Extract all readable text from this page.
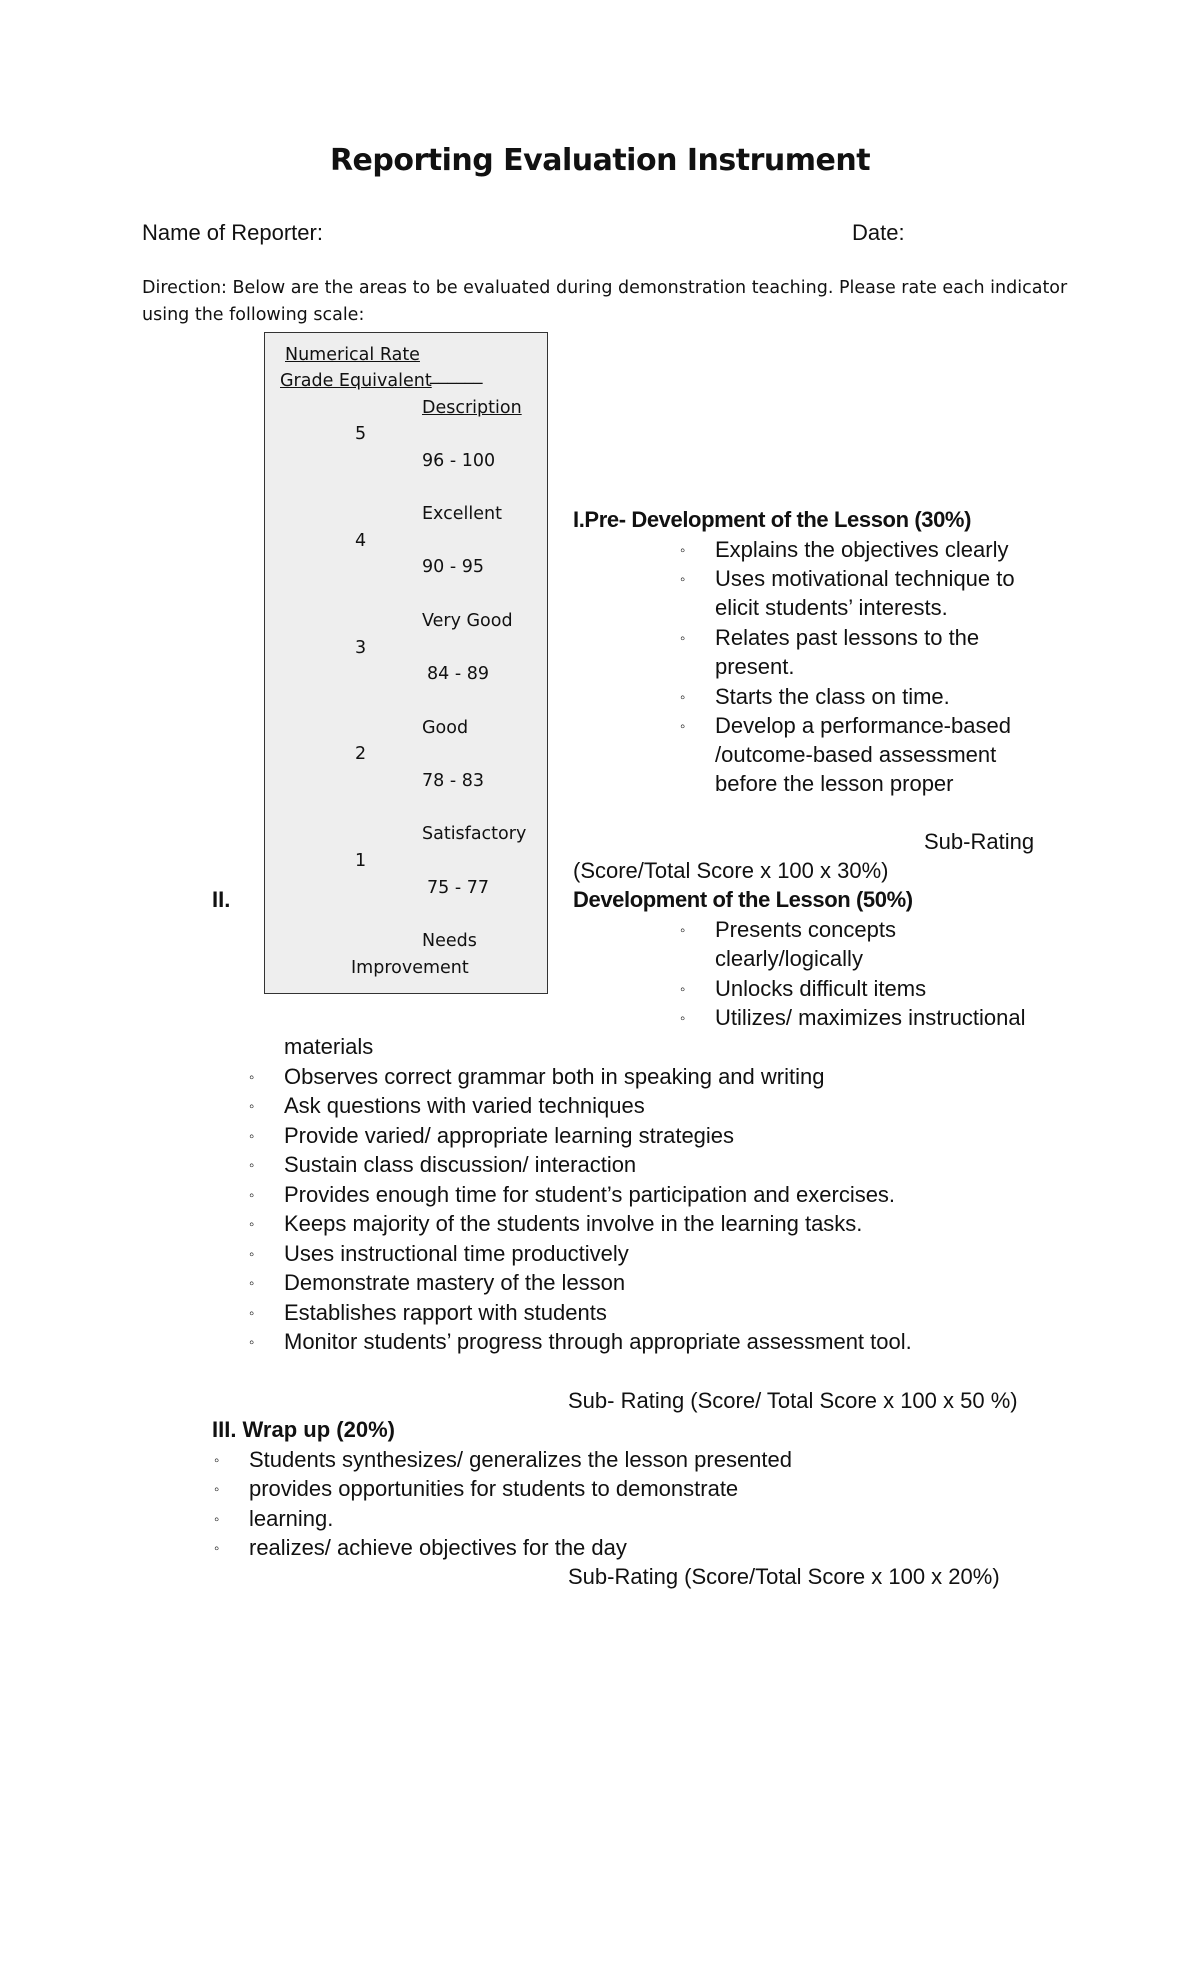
Reporting Evaluation Instrument
Name of Reporter:	Date:
Direction: Below are the areas to be evaluated during demonstration teaching. Please rate each indicator
using the following scale:
Numerical Rate
Grade Equivalent
______
Description
5
96 - 100
Excellent
4
90 - 95
Very Good
3
84 - 89
Good
2
78 - 83
Satisfactory
1
75 - 77
Needs
Improvement
I.Pre- Development of the Lesson (30%)
◦ Explains the objectives clearly
◦ Uses motivational technique to
elicit students’ interests.
◦ Relates past lessons to the
present.
◦ Starts the class on time.
◦ Develop a performance-based
/outcome-based assessment
before the lesson proper
Sub-Rating
(Score/Total Score x 100 x 30%)
II.	Development of the Lesson (50%)
◦ Presents concepts
clearly/logically
◦ Unlocks difficult items
◦ Utilizes/ maximizes instructional
materials
◦ Observes correct grammar both in speaking and writing
◦ Ask questions with varied techniques
◦ Provide varied/ appropriate learning strategies
◦ Sustain class discussion/ interaction
◦ Provides enough time for student’s participation and exercises.
◦ Keeps majority of the students involve in the learning tasks.
◦ Uses instructional time productively
◦ Demonstrate mastery of the lesson
◦ Establishes rapport with students
◦ Monitor students’ progress through appropriate assessment tool.
Sub- Rating (Score/ Total Score x 100 x 50 %)
III. Wrap up (20%)
◦ Students synthesizes/ generalizes the lesson presented
◦ provides opportunities for students to demonstrate
◦ learning.
◦ realizes/ achieve objectives for the day
Sub-Rating (Score/Total Score x 100 x 20%)
